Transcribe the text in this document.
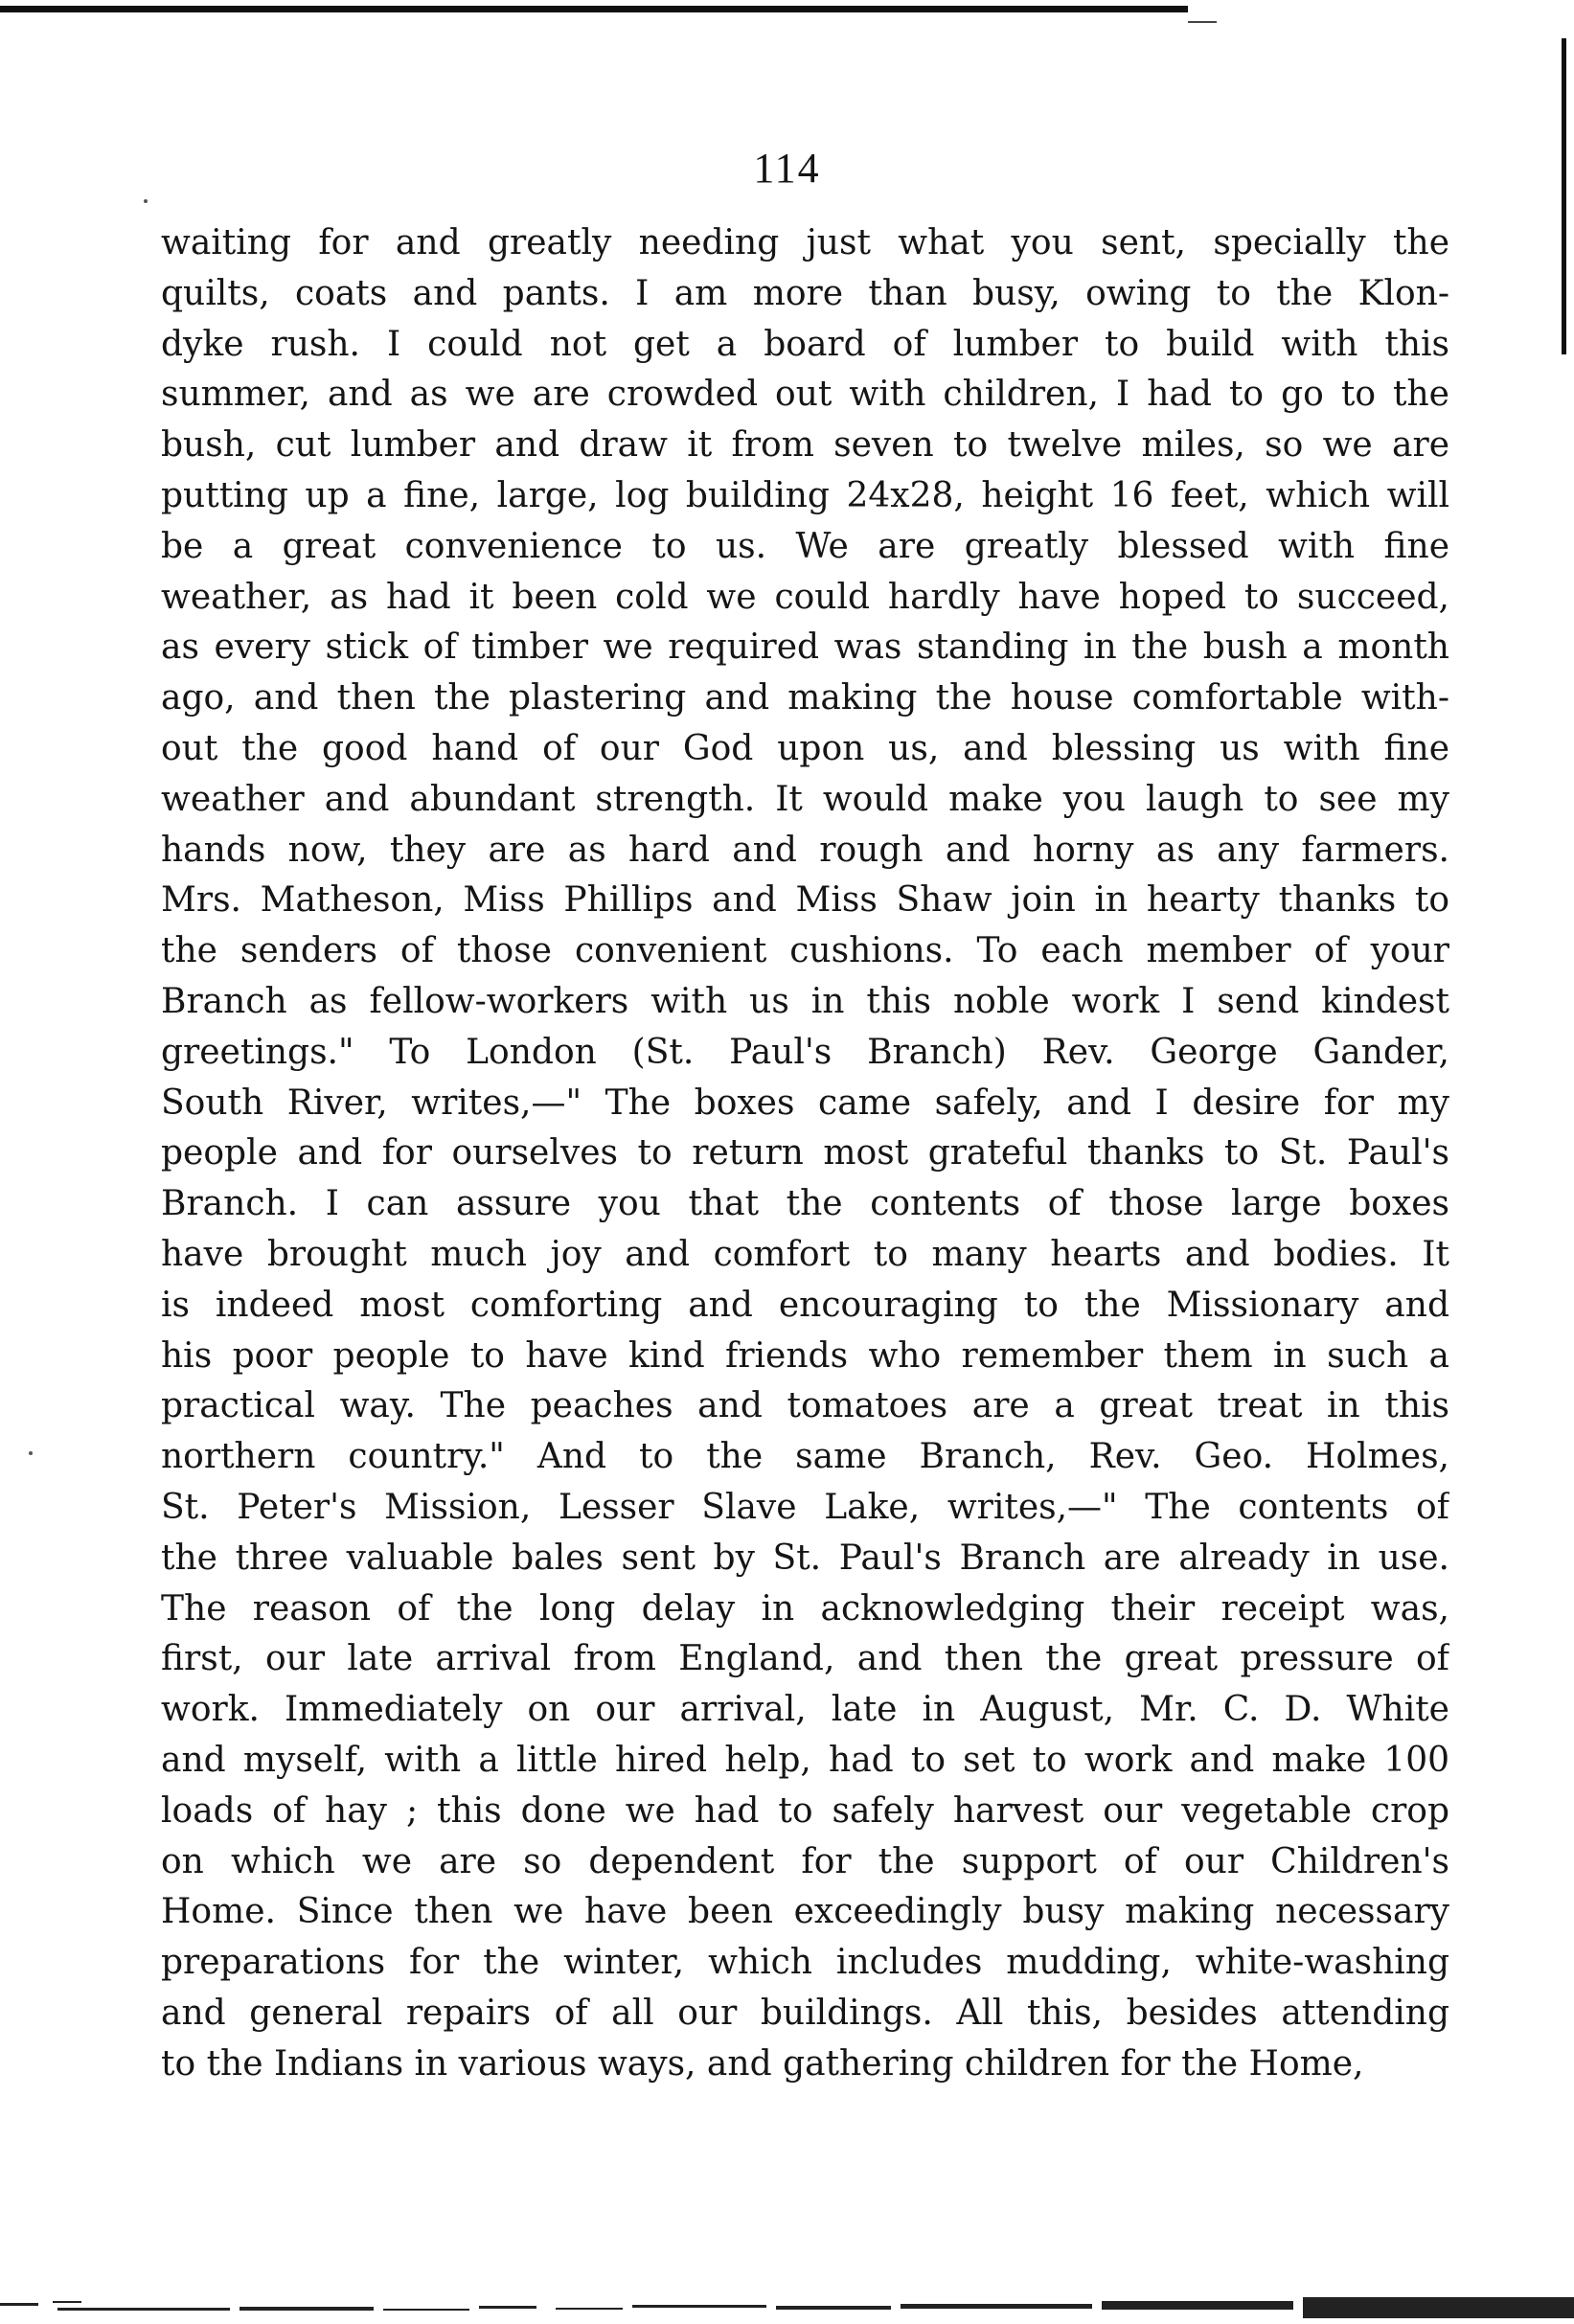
114
waiting for and greatly needing just what you sent, specially the
quilts, coats and pants. I am more than busy, owing to the Klon-
dyke rush. I could not get a board of lumber to build with this
summer, and as we are crowded out with children, I had to go to the
bush, cut lumber and draw it from seven to twelve miles, so we are
putting up a fine, large, log building 24x28, height 16 feet, which will
be a great convenience to us. We are greatly blessed with fine
weather, as had it been cold we could hardly have hoped to succeed,
as every stick of timber we required was standing in the bush a month
ago, and then the plastering and making the house comfortable with-
out the good hand of our God upon us, and blessing us with fine
weather and abundant strength. It would make you laugh to see my
hands now, they are as hard and rough and horny as any farmers.
Mrs. Matheson, Miss Phillips and Miss Shaw join in hearty thanks to
the senders of those convenient cushions. To each member of your
Branch as fellow-workers with us in this noble work I send kindest
greetings." To London (St. Paul's Branch) Rev. George Gander,
South River, writes,—" The boxes came safely, and I desire for my
people and for ourselves to return most grateful thanks to St. Paul's
Branch. I can assure you that the contents of those large boxes
have brought much joy and comfort to many hearts and bodies. It
is indeed most comforting and encouraging to the Missionary and
his poor people to have kind friends who remember them in such a
practical way. The peaches and tomatoes are a great treat in this
northern country." And to the same Branch, Rev. Geo. Holmes,
St. Peter's Mission, Lesser Slave Lake, writes,—" The contents of
the three valuable bales sent by St. Paul's Branch are already in use.
The reason of the long delay in acknowledging their receipt was,
first, our late arrival from England, and then the great pressure of
work. Immediately on our arrival, late in August, Mr. C. D. White
and myself, with a little hired help, had to set to work and make 100
loads of hay ; this done we had to safely harvest our vegetable crop
on which we are so dependent for the support of our Children's
Home. Since then we have been exceedingly busy making necessary
preparations for the winter, which includes mudding, white-washing
and general repairs of all our buildings. All this, besides attending
to the Indians in various ways, and gathering children for the Home,
